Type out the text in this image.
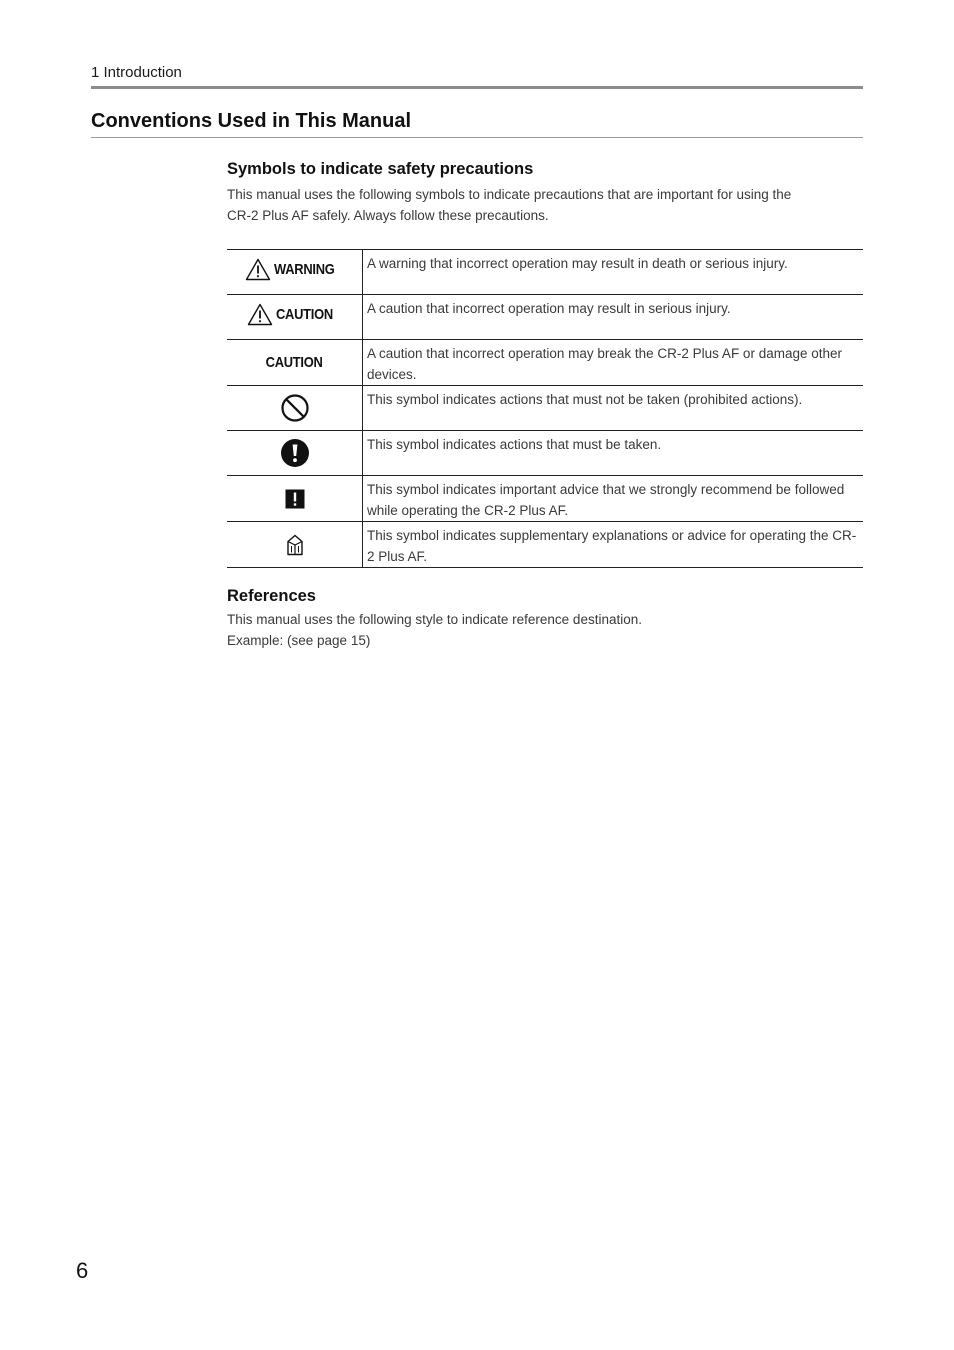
1 Introduction
Conventions Used in This Manual
Symbols to indicate safety precautions

This manual uses the following symbols to indicate precautions that are important for using the
CR-2 Plus AF safely. Always follow these precautions.

WARNING	A warning that incorrect operation may result in death or serious injury.

CAUTION	A caution that incorrect operation may result in serious injury.
CAUTION	A caution that incorrect operation may break the CR-2 Plus AF or damage other devices.

	This symbol indicates actions that must not be taken (prohibited actions).

	This symbol indicates actions that must be taken.

	This symbol indicates important advice that we strongly recommend be followed while operating the CR-2 Plus AF.

	This symbol indicates supplementary explanations or advice for operating the CR-2 Plus AF.
References

This manual uses the following style to indicate reference destination.
Example: (see page 15)

6
